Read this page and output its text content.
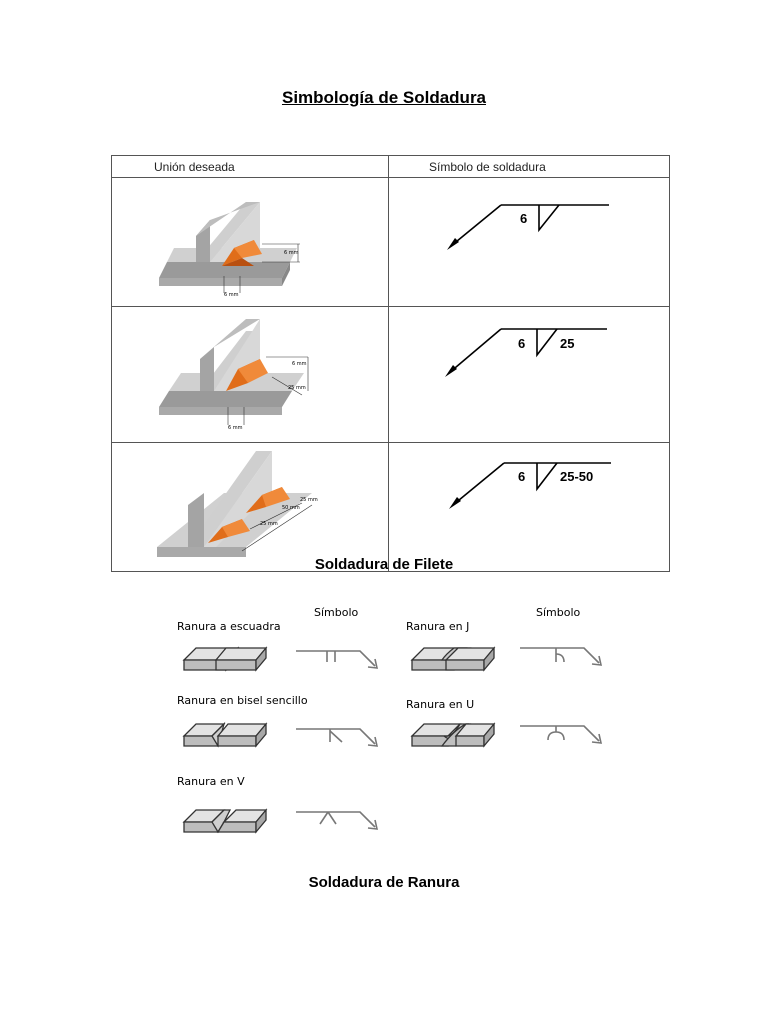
Simbología de Soldadura
Unión deseada	Símbolo de soldadura

6 mm
6 mm	6

6 mm
25 mm
6 mm	6 25

25 mm
50 mm
25 mm	6 25-50
Soldadura de Filete
Símbolo	Símbolo
Ranura a escuadra	Ranura en J
Ranura en bisel sencillo	Ranura en U
Ranura en V
Soldadura de Ranura
